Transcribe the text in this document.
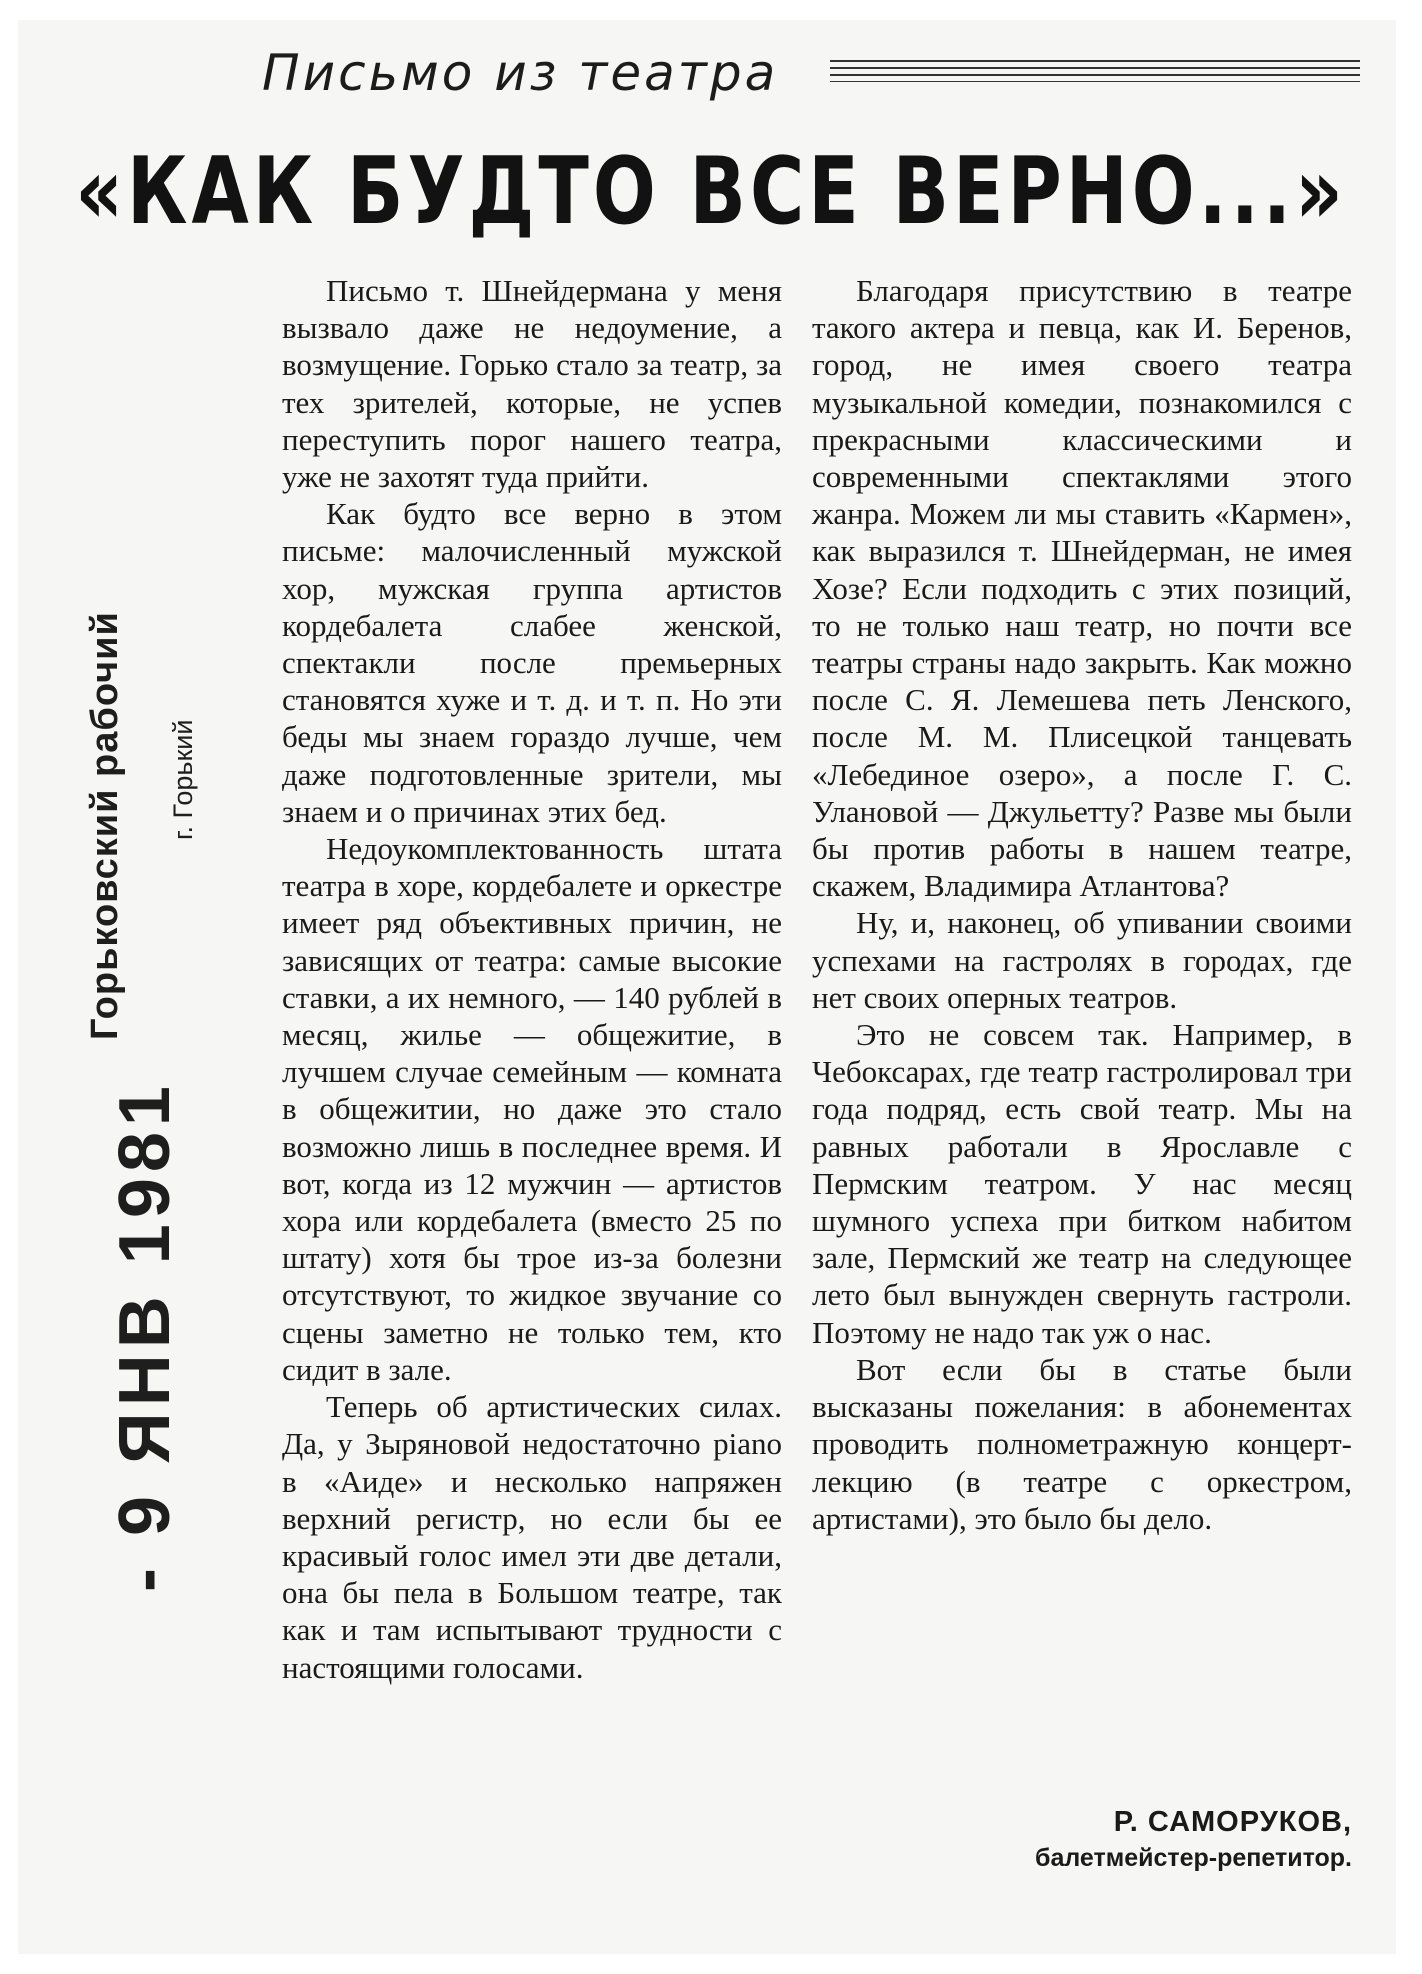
Письмо из театра
«КАК БУДТО ВСЕ ВЕРНО...»
Горьковский рабочий г. Горький
- 9 ЯНВ 1981

Письмо т. Шнейдермана у меня вызвало даже не недоумение, а возмущение. Горько стало за театр, за тех зрителей, которые, не успев переступить порог нашего театра, уже не захотят туда прийти.

Как будто все верно в этом письме: малочисленный мужской хор, мужская группа артистов кордебалета слабее женской, спектакли после премьерных становятся хуже и т. д. и т. п. Но эти беды мы знаем гораздо лучше, чем даже подготовленные зрители, мы знаем и о причинах этих бед.

Недоукомплектованность штата театра в хоре, кордебалете и оркестре имеет ряд объективных причин, не зависящих от театра: самые высокие ставки, а их немного, — 140 рублей в месяц, жилье — общежитие, в лучшем случае семейным — комната в общежитии, но даже это стало возможно лишь в последнее время. И вот, когда из 12 мужчин — артистов хора или кордебалета (вместо 25 по штату) хотя бы трое из-за болезни отсутствуют, то жидкое звучание со сцены заметно не только тем, кто сидит в зале.

Теперь об артистических силах. Да, у Зыряновой недостаточно piano в «Аиде» и несколько напряжен верхний регистр, но если бы ее красивый голос имел эти две детали, она бы пела в Большом театре, так как и там испытывают трудности с настоящими голосами.

Благодаря присутствию в театре такого актера и певца, как И. Беренов, город, не имея своего театра музыкальной комедии, познакомился с прекрасными классическими и современными спектаклями этого жанра. Можем ли мы ставить «Кармен», как выразился т. Шнейдерман, не имея Хозе? Если подходить с этих позиций, то не только наш театр, но почти все театры страны надо закрыть. Как можно после С. Я. Лемешева петь Ленского, после М. М. Плисецкой танцевать «Лебединое озеро», а после Г. С. Улановой — Джульетту? Разве мы были бы против работы в нашем театре, скажем, Владимира Атлантова?

Ну, и, наконец, об упивании своими успехами на гастролях в городах, где нет своих оперных театров.

Это не совсем так. Например, в Чебоксарах, где театр гастролировал три года подряд, есть свой театр. Мы на равных работали в Ярославле с Пермским театром. У нас месяц шумного успеха при битком набитом зале, Пермский же театр на следующее лето был вынужден свернуть гастроли. Поэтому не надо так уж о нас.

Вот если бы в статье были высказаны пожелания: в абонементах проводить полнометражную концерт-лекцию (в театре с оркестром, артистами), это было бы дело.

Р. САМОРУКОВ,
балетмейстер-репетитор.
